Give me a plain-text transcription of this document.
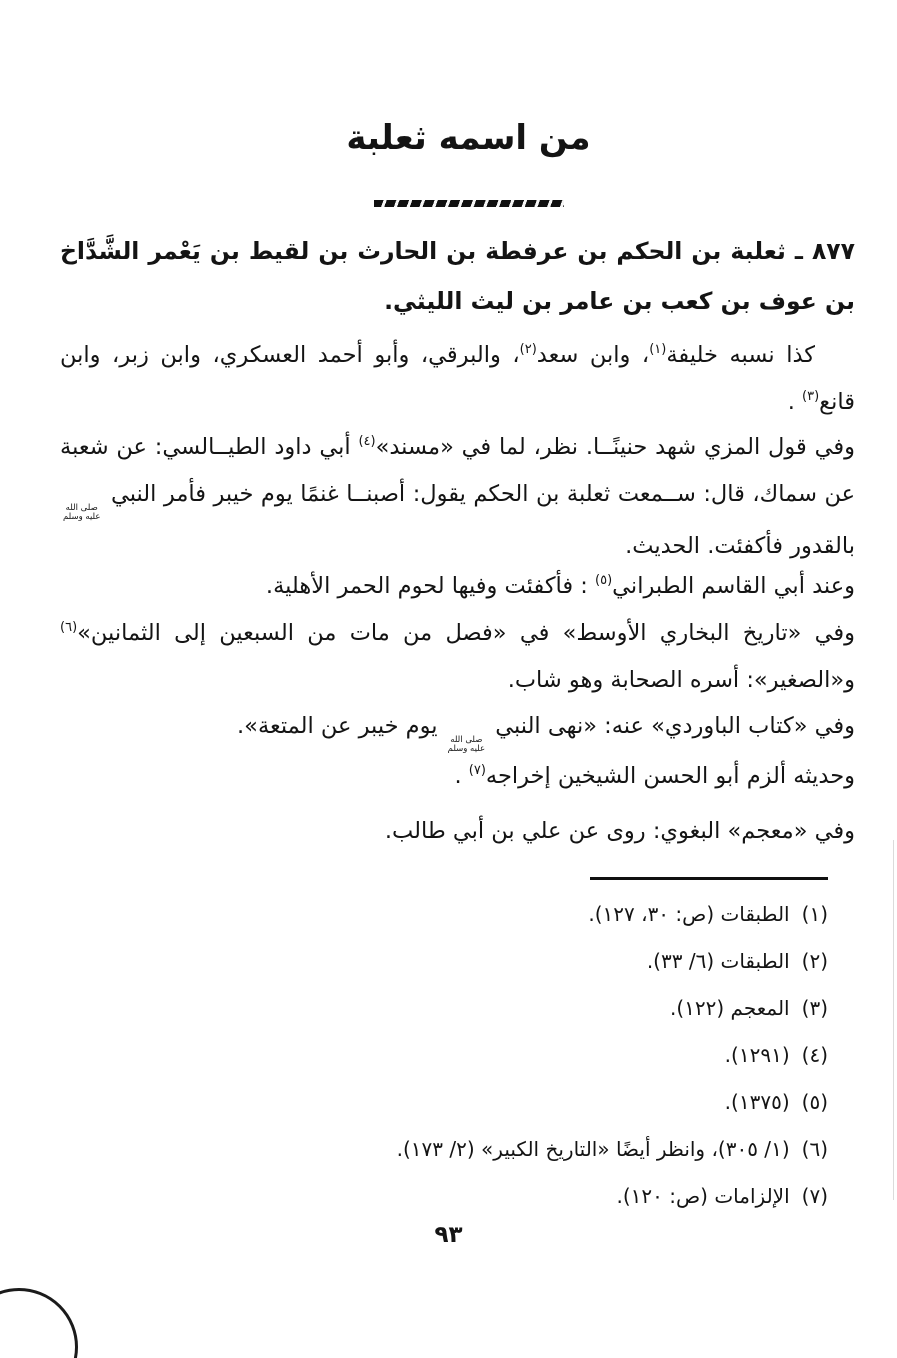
من اسمه ثعلبة

٨٧٧ ـ ثعلبة بن الحكم بن عرفطة بن الحارث بن لقيط بن يَعْمر الشَّدَّاخ بن عوف بن كعب بن عامر بن ليث الليثي.

كذا نسبه خليفة$^{(١)}$، وابن سعد$^{(٢)}$، والبرقي، وأبو أحمد العسكري، وابن زبر، وابن قانع$^{(٣)}$ .

وفي قول المزي شهد حنينًــا. نظر، لما في «مسند»$^{(٤)}$ أبي داود الطيــالسي: عن شعبة عن سماك، قال: ســمعت ثعلبة بن الحكم يقول: أصبنــا غنمًا يوم خيبر فأمر النبي
صلى الله
عليه وسلم
بالقدور فأكفئت. الحديث.

وعند أبي القاسم الطبراني$^{(٥)}$ : فأكفئت وفيها لحوم الحمر الأهلية.

وفي «تاريخ البخاري الأوسط» في «فصل من مات من السبعين إلى الثمانين»$^{(٦)}$ و«الصغير»: أسره الصحابة وهو شاب.

وفي «كتاب الباوردي» عنه: «نهى النبي
صلى الله
عليه وسلم
يوم خيبر عن المتعة».

وحديثه ألزم أبو الحسن الشيخين إخراجه$^{(٧)}$ .

وفي «معجم» البغوي: روى عن علي بن أبي طالب.

(١)الطبقات (ص: ٣٠، ١٢٧).
(٢)الطبقات (٦/ ٣٣).
(٣)المعجم (١٢٢).
(٤)(١٢٩١).
(٥)(١٣٧٥).
(٦)(١/ ٣٠٥)، وانظر أيضًا «التاريخ الكبير» (٢/ ١٧٣).
(٧)الإلزامات (ص: ١٢٠).
٩٣
